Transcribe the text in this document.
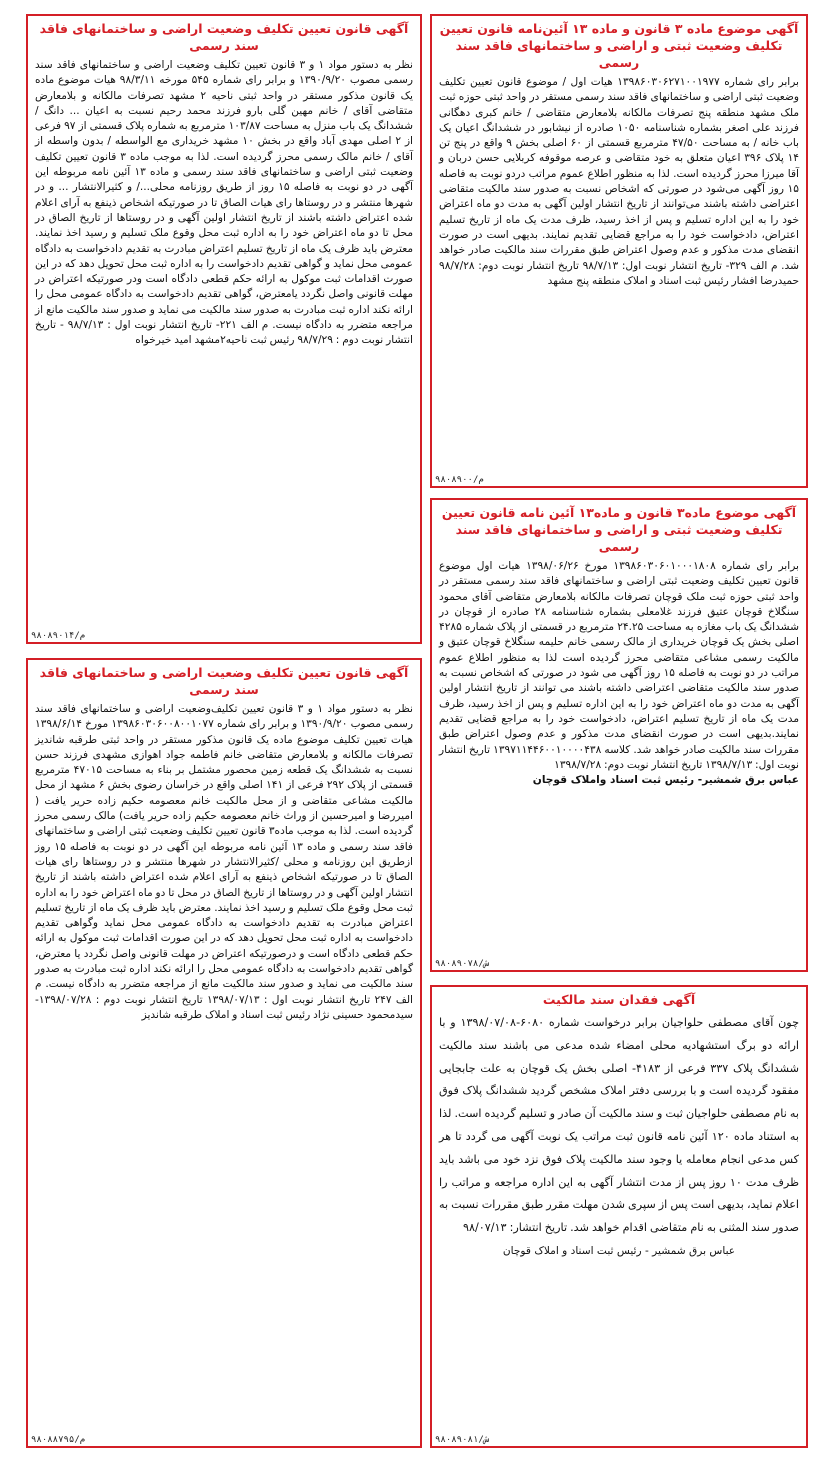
آگهی موضوع ماده ۳ قانون و ماده ۱۳ آئین‌نامه قانون تعیین تکلیف وضعیت ثبتی و اراضی و ساختمانهای فاقد سند رسمی

برابر رای شماره ۱۳۹۸۶۰۳۰۶۲۷۱۰۰۱۹۷۷ هیات اول / موضوع قانون تعیین تکلیف وضعیت ثبتی اراضی و ساختمانهای فاقد سند رسمی مستقر در واحد ثبتی حوزه ثبت ملک مشهد منطقه پنج تصرفات مالکانه بلامعارض متقاضی / خانم کبری دهگانی فرزند علی اصغر بشماره شناسنامه ۱۰۵۰ صادره از نیشابور در ششدانگ اعیان یک باب خانه / به مساحت ۴۷/۵۰ مترمربع قسمتی از ۶۰ اصلی بخش ۹ واقع در پنج تن ۱۴ پلاک ۳۹۶ اعیان متعلق به خود متقاضی و عرصه موقوفه کربلایی حسن دربان و آقا میرزا محرز گردیده است. لذا به منظور اطلاع عموم مراتب دردو نوبت به فاصله ۱۵ روز آگهی می‌شود در صورتی که اشخاص نسبت به صدور سند مالکیت متقاضی اعتراضی داشته باشند می‌توانند از تاریخ انتشار اولین آگهی به مدت دو ماه اعتراض خود را به این اداره تسلیم و پس از اخذ رسید، ظرف مدت یک ماه از تاریخ تسلیم اعتراض، دادخواست خود را به مراجع قضایی تقدیم نمایند. بدیهی است در صورت انقضای مدت مذکور و عدم وصول اعتراض طبق مقررات سند مالکیت صادر خواهد شد. م الف ۳۲۹- تاریخ انتشار نوبت اول: ۹۸/۷/۱۳ تاریخ انتشار نوبت دوم: ۹۸/۷/۲۸ حمیدرضا افشار رئیس ثبت اسناد و املاک منطقه پنج مشهد

م/۹۸۰۸۹۰۰
آگهی قانون تعیین تکلیف وضعیت اراضی و ساختمانهای فاقد سند رسمی

نظر به دستور مواد ۱ و ۳ قانون تعیین تکلیف وضعیت اراضی و ساختمانهای فاقد سند رسمی مصوب ۱۳۹۰/۹/۲۰ و برابر رای شماره ۵۴۵ مورخه ۹۸/۳/۱۱ هیات موضوع ماده یک قانون مذکور مستقر در واحد ثبتی ناحیه ۲ مشهد تصرفات مالکانه و بلامعارض متقاضی آقای / خانم مهین گلی بارو فرزند محمد رحیم نسبت به اعیان ... دانگ / ششدانگ یک باب منزل به مساحت ۱۰۳/۸۷ مترمربع به شماره پلاک قسمتی از ۹۷ فرعی از ۲ اصلی مهدی آباد واقع در بخش ۱۰ مشهد خریداری مع الواسطه / بدون واسطه از آقای / خانم مالک رسمی محرز گردیده است. لذا به موجب ماده ۳ قانون تعیین تکلیف وضعیت ثبتی اراضی و ساختمانهای فاقد سند رسمی و ماده ۱۳ آئین نامه مربوطه این آگهی در دو نوبت به فاصله ۱۵ روز از طریق روزنامه محلی.../ و کثیرالانتشار ... و در شهرها منتشر و در روستاها رای هیات الصاق تا در صورتیکه اشخاص ذینفع به آرای اعلام شده اعتراض داشته باشند از تاریخ انتشار اولین آگهی و در روستاها از تاریخ الصاق در محل تا دو ماه اعتراض خود را به اداره ثبت محل وقوع ملک تسلیم و رسید اخذ نمایند. معترض باید ظرف یک ماه از تاریخ تسلیم اعتراض مبادرت به تقدیم دادخواست به دادگاه عمومی محل نماید و گواهی تقدیم دادخواست را به اداره ثبت محل تحویل دهد که در این صورت اقدامات ثبت موکول به ارائه حکم قطعی دادگاه است ودر صورتیکه اعتراض در مهلت قانونی واصل نگردد یامعترض، گواهی تقدیم دادخواست به دادگاه عمومی محل را ارائه نکند اداره ثبت مبادرت به صدور سند مالکیت می نماید و صدور سند مالکیت مانع از مراجعه متضرر به دادگاه نیست. م الف ۲۲۱- تاریخ انتشار نوبت اول : ۹۸/۷/۱۳ - تاریخ انتشار نوبت دوم : ۹۸/۷/۲۹ رئیس ثبت ناحیه۲مشهد امید خیرخواه

م/۹۸۰۸۹۰۱۴
آگهی موضوع ماده۳ قانون و ماده۱۳ آئین نامه قانون تعیین تکلیف وضعیت ثبتی و اراضی و ساختمانهای فاقد سند رسمی

برابر رای شماره ۱۳۹۸۶۰۳۰۶۰۱۰۰۰۱۸۰۸ مورخ ۱۳۹۸/۰۶/۲۶ هیات اول موضوع قانون تعیین تکلیف وضعیت ثبتی اراضی و ساختمانهای فاقد سند رسمی مستقر در واحد ثبتی حوزه ثبت ملک قوچان تصرفات مالکانه بلامعارض متقاضی آقای محمود سنگلاخ قوچان عتیق فرزند غلامعلی بشماره شناسنامه ۲۸ صادره از قوچان در ششدانگ یک باب مغازه به مساحت ۲۴.۲۵ مترمربع در قسمتی از پلاک شماره ۴۲۸۵ اصلی بخش یک قوچان خریداری از مالک رسمی خانم حلیمه سنگلاخ قوچان عتیق و مالکیت رسمی مشاعی متقاضی محرز گردیده است لذا به منظور اطلاع عموم مراتب در دو نوبت به فاصله ۱۵ روز آگهی می شود در صورتی که اشخاص نسبت به صدور سند مالکیت متقاضی اعتراضی داشته باشند می توانند از تاریخ انتشار اولین آگهی به مدت دو ماه اعتراض خود را به این اداره تسلیم و پس از اخذ رسید، ظرف مدت یک ماه از تاریخ تسلیم اعتراض، دادخواست خود را به مراجع قضایی تقدیم نمایند.بدیهی است در صورت انقضای مدت مذکور و عدم وصول اعتراض طبق مقررات سند مالکیت صادر خواهد شد. کلاسه ۱۳۹۷۱۱۴۴۶۰۰۱۰۰۰۰۴۳۸ تاریخ انتشار نوبت اول: ۱۳۹۸/۷/۱۳ تاریخ انتشار نوبت دوم: ۱۳۹۸/۷/۲۸

عباس برق شمشیر- رئیس ثبت اسناد واملاک قوچان
ش/۹۸۰۸۹۰۷۸
آگهی قانون تعیین تکلیف وضعیت اراضی و ساختمانهای فاقد سند رسمی

نظر به دستور مواد ۱ و ۳ قانون تعیین تکلیف‌وضعیت اراضی و ساختمانهای فاقد سند رسمی مصوب ۱۳۹۰/۹/۲۰ و برابر رای شماره ۱۳۹۸۶۰۳۰۶۰۰۸۰۰۱۰۷۷ مورخ ۱۳۹۸/۶/۱۴ هیات تعیین تکلیف موضوع ماده یک قانون مذکور مستقر در واحد ثبتی طرقبه شاندیز تصرفات مالکانه و بلامعارض متقاضی خانم فاطمه جواد اهوازی مشهدی فرزند حسن نسبت به ششدانگ یک قطعه زمین محصور مشتمل بر بناء به مساحت ۴۷۰۱۵ مترمربع قسمتی از پلاک ۲۹۲ فرعی از ۱۴۱ اصلی واقع در خراسان رضوی بخش ۶ مشهد از محل مالکیت مشاعی متقاضی و از محل مالکیت خانم معصومه حکیم زاده حریر یافت ( امیررضا و امیرحسین از وراث خانم معصومه حکیم زاده حریر یافت) مالک رسمی محرز گردیده است. لذا به موجب ماده۳ قانون تعیین تکلیف وضعیت ثبتی اراضی و ساختمانهای فاقد سند رسمی و ماده ۱۳ آئین نامه مربوطه این آگهی در دو نوبت به فاصله ۱۵ روز ازطریق این روزنامه و محلی /کثیرالانتشار در شهرها منتشر و در روستاها رای هیات الصاق تا در صورتیکه اشخاص ذینفع به آرای اعلام شده اعتراض داشته باشند از تاریخ انتشار اولین آگهی و در روستاها از تاریخ الصاق در محل تا دو ماه اعتراض خود را به اداره ثبت محل وقوع ملک تسلیم و رسید اخذ نمایند. معترض باید ظرف یک ماه از تاریخ تسلیم اعتراض مبادرت به تقدیم دادخواست به دادگاه عمومی محل نماید وگواهی تقدیم دادخواست به اداره ثبت محل تحویل دهد که در این صورت اقدامات ثبت موکول به ارائه حکم قطعی دادگاه است و درصورتیکه اعتراض در مهلت قانونی واصل نگردد یا معترض، گواهی تقدیم دادخواست به دادگاه عمومی محل را ارائه نکند اداره ثبت مبادرت به صدور سند مالکیت می نماید و صدور سند مالکیت مانع از مراجعه متضرر به دادگاه نیست. م الف ۲۴۷ تاریخ انتشار نوبت اول : ۱۳۹۸/۰۷/۱۳ تاریخ انتشار نوبت دوم : ۱۳۹۸/۰۷/۲۸- سیدمحمود حسینی نژاد رئیس ثبت اسناد و املاک طرقبه شاندیز

م/۹۸۰۸۸۷۹۵
آگهی فقدان سند مالکیت

چون آقای مصطفی حلواجیان برابر درخواست شماره ۶۰۸۰-۱۳۹۸/۰۷/۰۸ و با ارائه دو برگ استشهادیه محلی امضاء شده مدعی می باشند سند مالکیت ششدانگ پلاک ۳۳۷ فرعی از ۴۱۸۳- اصلی بخش یک قوچان به علت جابجایی مفقود گردیده است و با بررسی دفتر املاک مشخص گردید ششدانگ پلاک فوق به نام مصطفی حلواجیان ثبت و سند مالکیت آن صادر و تسلیم گردیده است. لذا به استناد ماده ۱۲۰ آئین نامه قانون ثبت مراتب یک نوبت آگهی می گردد تا هر کس مدعی انجام معامله یا وجود سند مالکیت پلاک فوق نزد خود می باشد باید ظرف مدت ۱۰ روز پس از مدت انتشار آگهی به این اداره مراجعه و مراتب را اعلام نماید، بدیهی است پس از سپری شدن مهلت مقرر طبق مقررات نسبت به صدور سند المثنی به نام متقاضی اقدام خواهد شد. تاریخ انتشار: ۹۸/۰۷/۱۳

عباس برق شمشیر - رئیس ثبت اسناد و املاک قوچان
ش/۹۸۰۸۹۰۸۱
